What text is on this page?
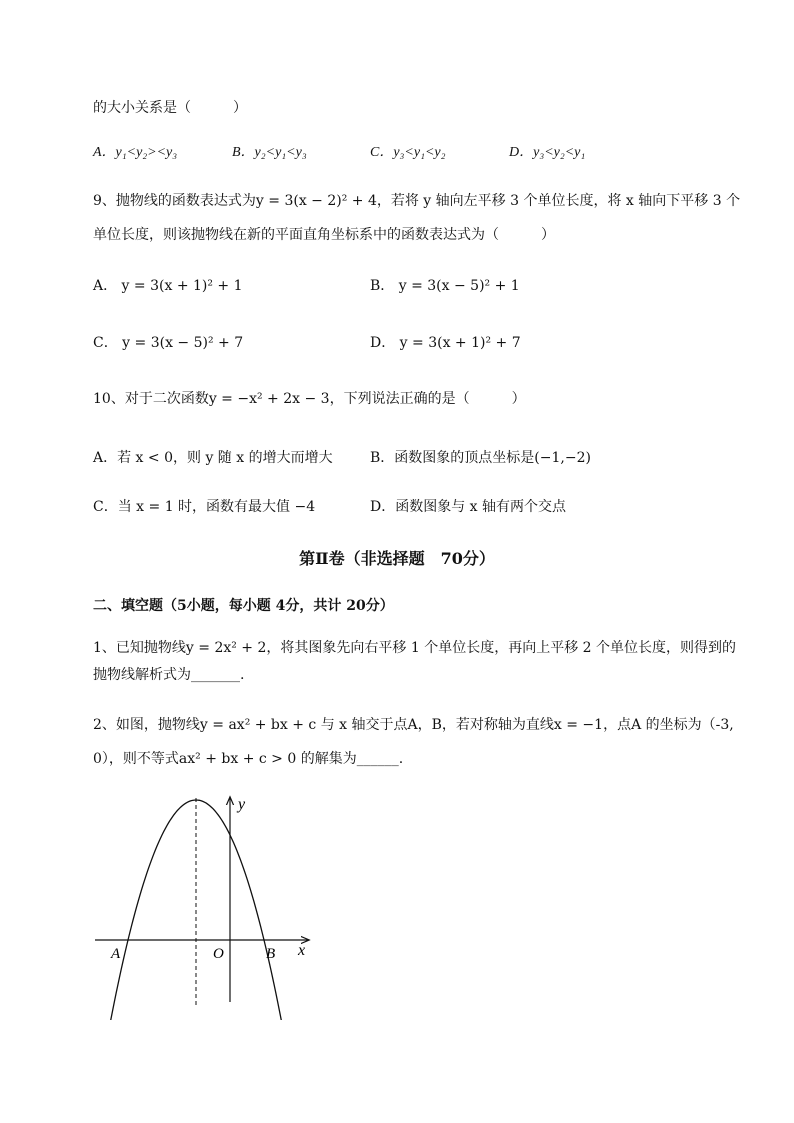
的大小关系是（　　　）
A．y₁<y₂><y₃	B．y₂<y₁<y₃	C．y₃<y₁<y₂	D．y₃<y₂<y₁
9、抛物线的函数表达式为y = 3(x − 2)² + 4，若将 y 轴向左平移 3 个单位长度，将 x 轴向下平移 3 个
单位长度，则该抛物线在新的平面直角坐标系中的函数表达式为（　　　）
A． y = 3(x + 1)² + 1	B． y = 3(x − 5)² + 1
C． y = 3(x − 5)² + 7	D． y = 3(x + 1)² + 7
10、对于二次函数y = −x² + 2x − 3，下列说法正确的是（　　　）
A．若 x < 0，则 y 随 x 的增大而增大	B．函数图象的顶点坐标是(−1,−2)
C．当 x = 1 时，函数有最大值 −4	D．函数图象与 x 轴有两个交点
第Ⅱ卷（非选择题　70分）
二、填空题（5小题，每小题 4分，共计 20分）
1、已知抛物线y = 2x² + 2，将其图象先向右平移 1 个单位长度，再向上平移 2 个单位长度，则得到的
抛物线解析式为_______.
2、如图，抛物线y = ax² + bx + c 与 x 轴交于点A，B，若对称轴为直线x = −1，点A 的坐标为（-3,
0），则不等式ax² + bx + c > 0 的解集为______.
y
x
O
A	B
